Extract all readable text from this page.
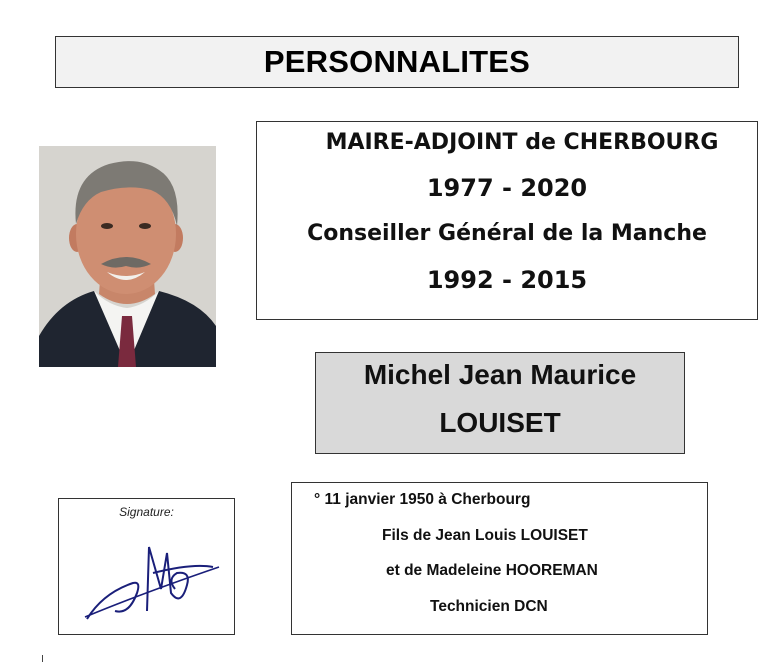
PERSONNALITES
MAIRE-ADJOINT de CHERBOURG
1977 - 2020
Conseiller Général de la Manche
1992 - 2015
Michel Jean Maurice
LOUISET
Signature:
° 11 janvier 1950 à Cherbourg
Fils de Jean Louis LOUISET
et de Madeleine HOOREMAN
Technicien DCN
